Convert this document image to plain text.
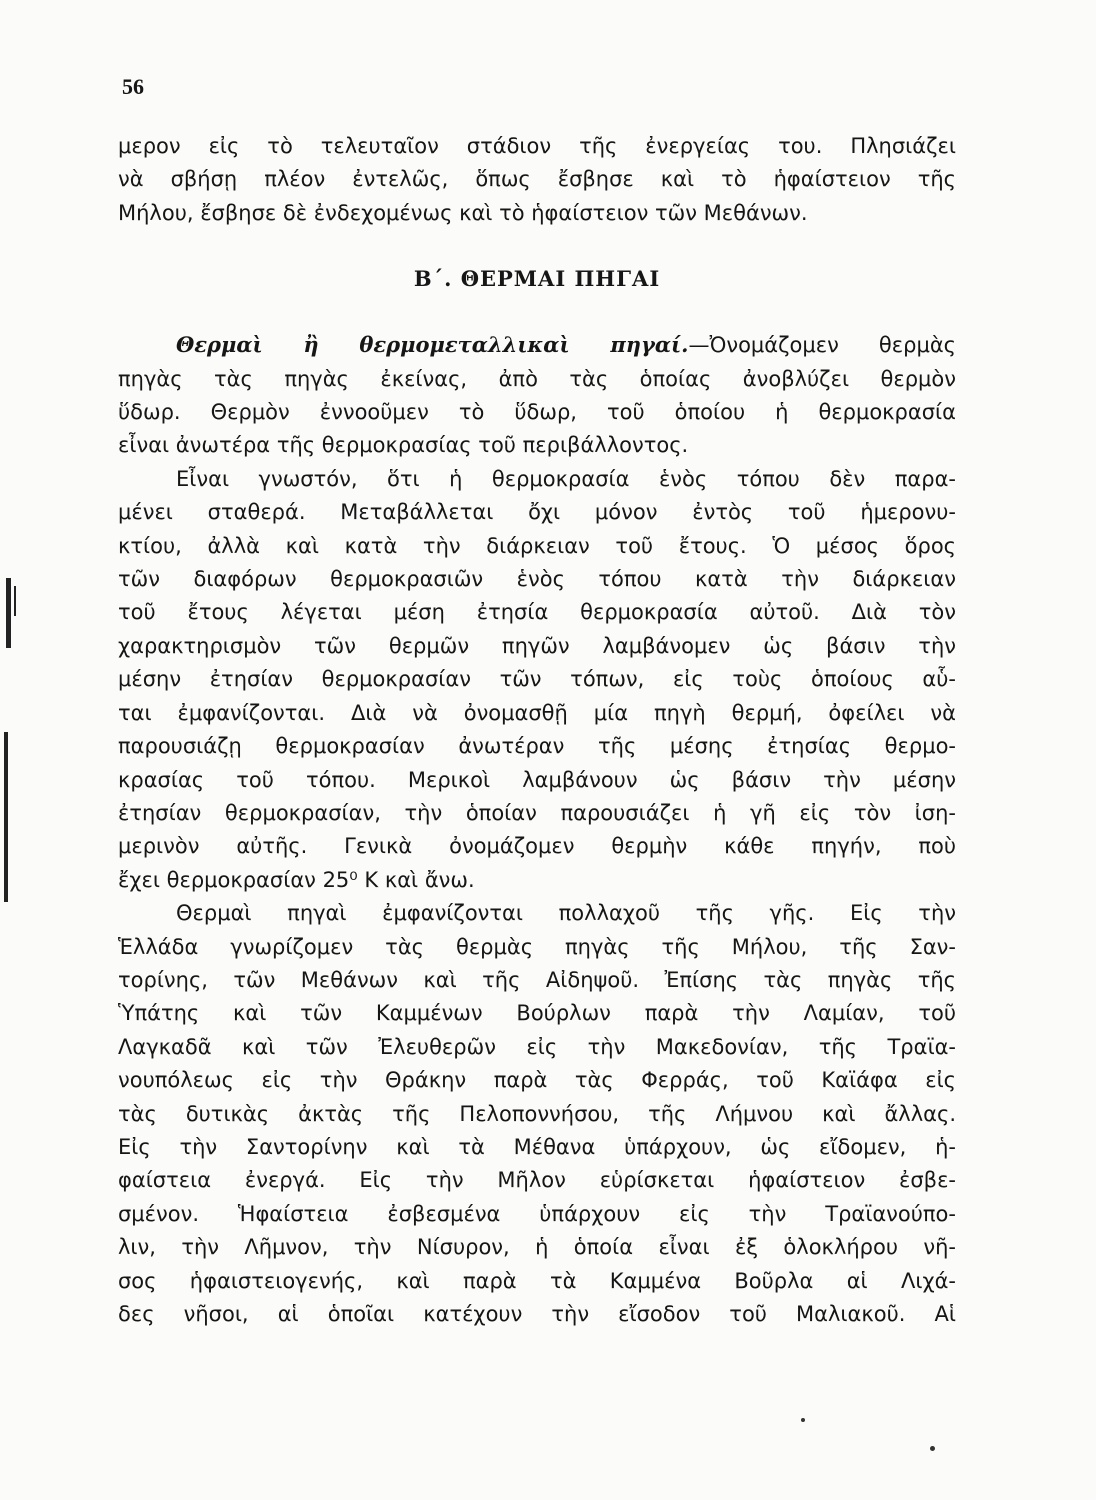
56

μερον εἰς τὸ τελευταῖον στάδιον τῆς ἐνεργείας του. Πλησιάζει
νὰ σβήσῃ πλέον ἐντελῶς, ὅπως ἔσβησε καὶ τὸ ἡφαίστειον τῆς
Μήλου, ἔσβησε δὲ ἐνδεχομένως καὶ τὸ ἡφαίστειον τῶν Μεθάνων.

Β΄. ΘΕΡΜΑΙ ΠΗΓΑΙ

Θερμαὶ ἢ θερμομεταλλικαὶ πηγαί.—Ὀνομάζομεν θερμὰς
πηγὰς τὰς πηγὰς ἐκείνας, ἀπὸ τὰς ὁποίας ἀνοβλύζει θερμὸν
ὕδωρ. Θερμὸν ἐννοοῦμεν τὸ ὕδωρ, τοῦ ὁποίου ἡ θερμοκρασία
εἶναι ἀνωτέρα τῆς θερμοκρασίας τοῦ περιβάλλοντος.

Εἶναι γνωστόν, ὅτι ἡ θερμοκρασία ἑνὸς τόπου δὲν παρα-
μένει σταθερά. Μεταβάλλεται ὄχι μόνον ἐντὸς τοῦ ἡμερονυ-
κτίου, ἀλλὰ καὶ κατὰ τὴν διάρκειαν τοῦ ἔτους. Ὁ μέσος ὅρος
τῶν διαφόρων θερμοκρασιῶν ἑνὸς τόπου κατὰ τὴν διάρκειαν
τοῦ ἔτους λέγεται μέση ἐτησία θερμοκρασία αὐτοῦ. Διὰ τὸν
χαρακτηρισμὸν τῶν θερμῶν πηγῶν λαμβάνομεν ὡς βάσιν τὴν
μέσην ἐτησίαν θερμοκρασίαν τῶν τόπων, εἰς τοὺς ὁποίους αὗ-
ται ἐμφανίζονται. Διὰ νὰ ὀνομασθῇ μία πηγὴ θερμή, ὀφείλει νὰ
παρουσιάζῃ θερμοκρασίαν ἀνωτέραν τῆς μέσης ἐτησίας θερμο-
κρασίας τοῦ τόπου. Μερικοὶ λαμβάνουν ὡς βάσιν τὴν μέσην
ἐτησίαν θερμοκρασίαν, τὴν ὁποίαν παρουσιάζει ἡ γῆ εἰς τὸν ἰση-
μερινὸν αὐτῆς. Γενικὰ ὀνομάζομεν θερμὴν κάθε πηγήν, ποὺ
ἔχει θερμοκρασίαν 25⁰ Κ καὶ ἄνω.

Θερμαὶ πηγαὶ ἐμφανίζονται πολλαχοῦ τῆς γῆς. Εἰς τὴν
Ἑλλάδα γνωρίζομεν τὰς θερμὰς πηγὰς τῆς Μήλου, τῆς Σαν-
τορίνης, τῶν Μεθάνων καὶ τῆς Αἰδηψοῦ. Ἐπίσης τὰς πηγὰς τῆς
Ὑπάτης καὶ τῶν Καμμένων Βούρλων παρὰ τὴν Λαμίαν, τοῦ
Λαγκαδᾶ καὶ τῶν Ἐλευθερῶν εἰς τὴν Μακεδονίαν, τῆς Τραϊα-
νουπόλεως εἰς τὴν Θράκην παρὰ τὰς Φερράς, τοῦ Καϊάφα εἰς
τὰς δυτικὰς ἀκτὰς τῆς Πελοποννήσου, τῆς Λήμνου καὶ ἄλλας.
Εἰς τὴν Σαντορίνην καὶ τὰ Μέθανα ὑπάρχουν, ὡς εἴδομεν, ἡ-
φαίστεια ἐνεργά. Εἰς τὴν Μῆλον εὑρίσκεται ἡφαίστειον ἐσβε-
σμένον. Ἡφαίστεια ἐσβεσμένα ὑπάρχουν εἰς τὴν Τραϊανούπο-
λιν, τὴν Λῆμνον, τὴν Νίσυρον, ἡ ὁποία εἶναι ἐξ ὁλοκλήρου νῆ-
σος ἡφαιστειογενής, καὶ παρὰ τὰ Καμμένα Βοῦρλα αἱ Λιχά-
δες νῆσοι, αἱ ὁποῖαι κατέχουν τὴν εἴσοδον τοῦ Μαλιακοῦ. Αἱ
